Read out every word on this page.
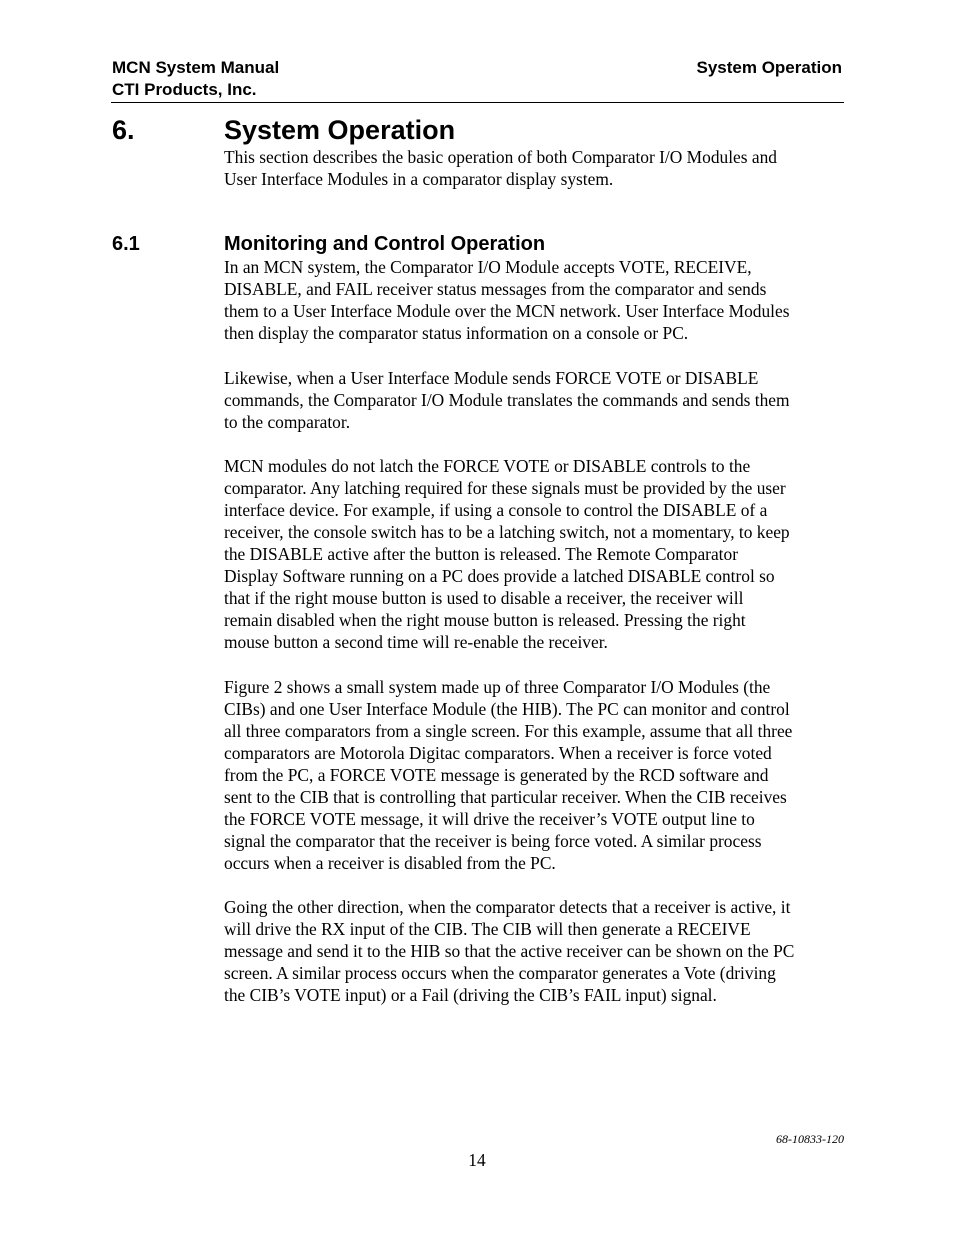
MCN System Manual
CTI Products, Inc.
System Operation
6.	System Operation

This section describes the basic operation of both Comparator I/O Modules and
User Interface Modules in a comparator display system.

6.1	Monitoring and Control Operation

In an MCN system, the Comparator I/O Module accepts VOTE, RECEIVE,
DISABLE, and FAIL receiver status messages from the comparator and sends
them to a User Interface Module over the MCN network. User Interface Modules
then display the comparator status information on a console or PC.

Likewise, when a User Interface Module sends FORCE VOTE or DISABLE
commands, the Comparator I/O Module translates the commands and sends them
to the comparator.

MCN modules do not latch the FORCE VOTE or DISABLE controls to the
comparator. Any latching required for these signals must be provided by the user
interface device. For example, if using a console to control the DISABLE of a
receiver, the console switch has to be a latching switch, not a momentary, to keep
the DISABLE active after the button is released. The Remote Comparator
Display Software running on a PC does provide a latched DISABLE control so
that if the right mouse button is used to disable a receiver, the receiver will
remain disabled when the right mouse button is released. Pressing the right
mouse button a second time will re-enable the receiver.

Figure 2 shows a small system made up of three Comparator I/O Modules (the
CIBs) and one User Interface Module (the HIB). The PC can monitor and control
all three comparators from a single screen. For this example, assume that all three
comparators are Motorola Digitac comparators. When a receiver is force voted
from the PC, a FORCE VOTE message is generated by the RCD software and
sent to the CIB that is controlling that particular receiver. When the CIB receives
the FORCE VOTE message, it will drive the receiver’s VOTE output line to
signal the comparator that the receiver is being force voted. A similar process
occurs when a receiver is disabled from the PC.

Going the other direction, when the comparator detects that a receiver is active, it
will drive the RX input of the CIB. The CIB will then generate a RECEIVE
message and send it to the HIB so that the active receiver can be shown on the PC
screen. A similar process occurs when the comparator generates a Vote (driving
the CIB’s VOTE input) or a Fail (driving the CIB’s FAIL input) signal.

68-10833-120
14
